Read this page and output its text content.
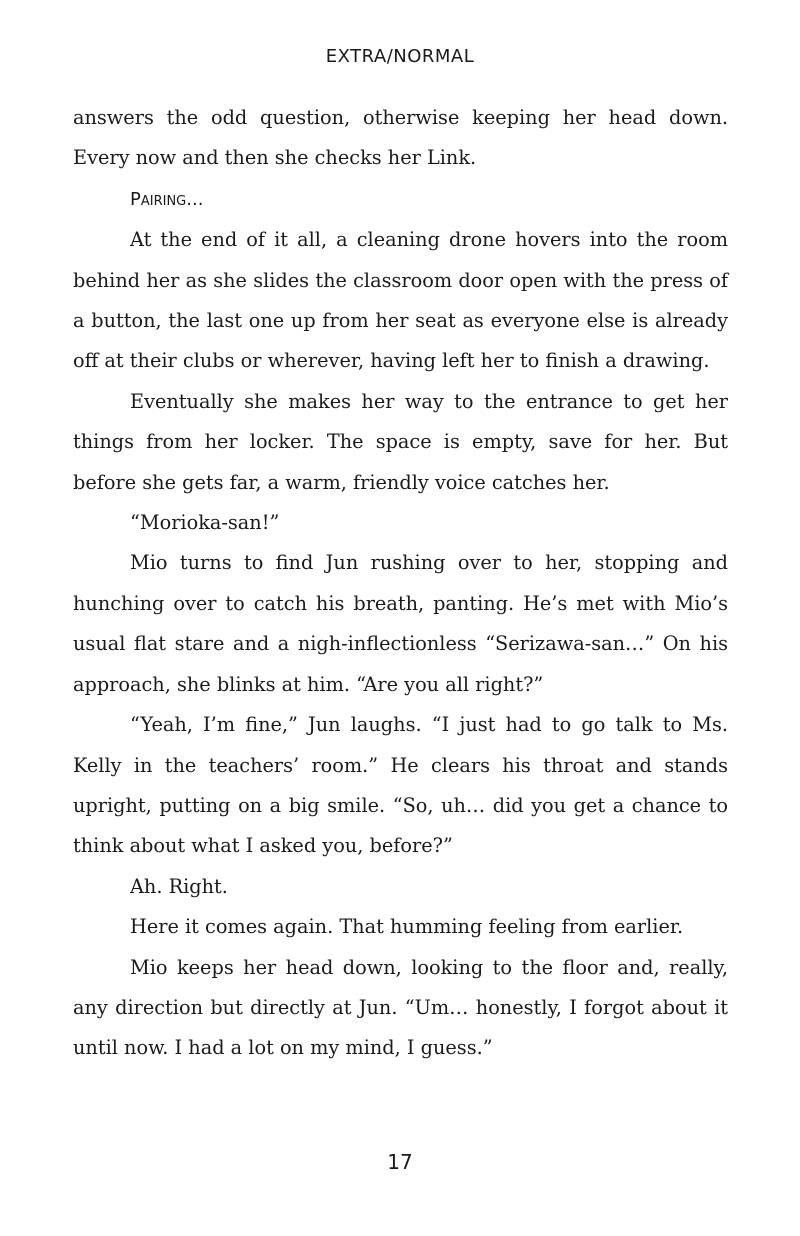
EXTRA/NORMAL

answers the odd question, otherwise keeping her head down. Every now and then she checks her Link.

Pairing...

At the end of it all, a cleaning drone hovers into the room behind her as she slides the classroom door open with the press of a button, the last one up from her seat as everyone else is already off at their clubs or wherever, having left her to finish a drawing.

Eventually she makes her way to the entrance to get her things from her locker. The space is empty, save for her. But before she gets far, a warm, friendly voice catches her.

“Morioka-san!”

Mio turns to find Jun rushing over to her, stopping and hunching over to catch his breath, panting. He’s met with Mio’s usual flat stare and a nigh-inflectionless “Serizawa-san…” On his approach, she blinks at him. “Are you all right?”

“Yeah, I’m fine,” Jun laughs. “I just had to go talk to Ms. Kelly in the teachers’ room.” He clears his throat and stands upright, putting on a big smile. “So, uh… did you get a chance to think about what I asked you, before?”

Ah. Right.

Here it comes again. That humming feeling from earlier.

Mio keeps her head down, looking to the floor and, really, any direction but directly at Jun. “Um… honestly, I forgot about it until now. I had a lot on my mind, I guess.”

17
